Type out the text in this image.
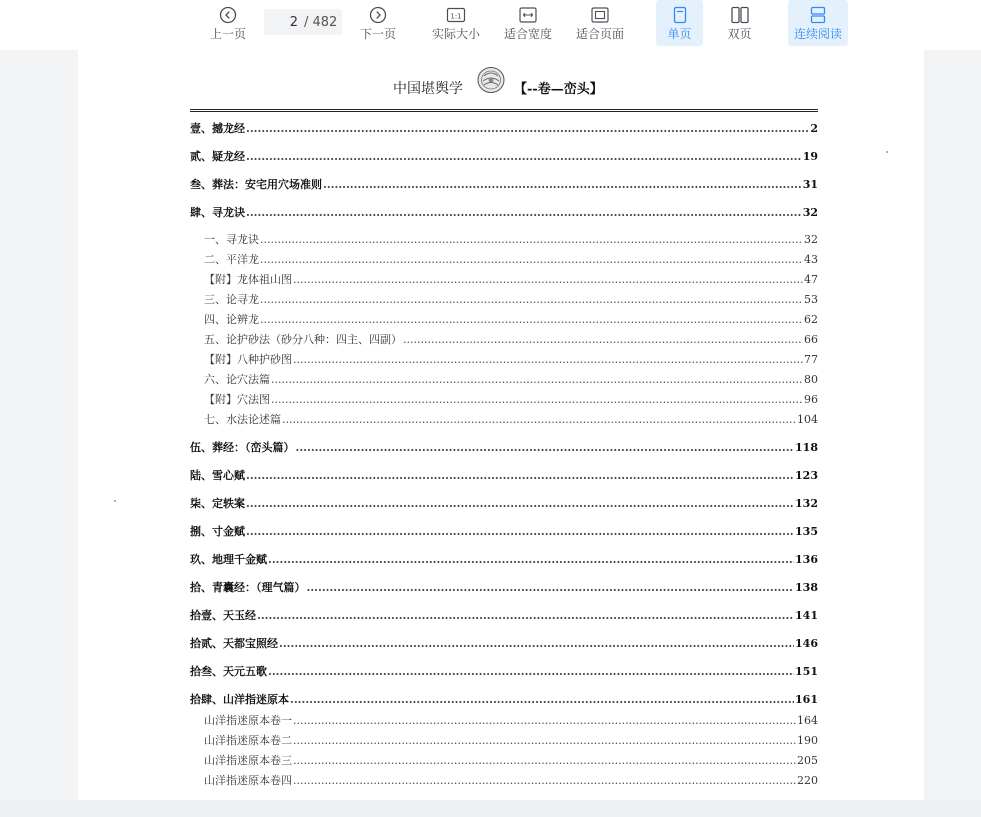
上一页
2
/ 482
下一页
1:1
实际大小 适合宽度 适合页面	单页	双页	连续阅读
中国堪舆学	【--卷—峦头】
壹、撼龙经 .....	2
贰、疑龙经 .....	19
叁、葬法：安宅用穴场准则 .....	31
肆、寻龙诀 .....	32
一、寻龙诀 .....	32
二、平洋龙 .....	43
【附】龙体祖山图 .....	47
三、论寻龙 .....	53
四、论辨龙 .....	62
五、论护砂法（砂分八种：四主、四副） .....	66
【附】八种护砂图 .....	77
六、论穴法篇 .....	80
【附】穴法图 .....	96
七、水法论述篇 .....	104
伍、葬经：（峦头篇） .....	118
陆、雪心赋 .....	123
柒、定轶案 .....	132
捌、寸金赋 .....	135
玖、地理千金赋 .....	136
拾、青囊经：（理气篇） .....	138
拾壹、天玉经 .....	141
拾贰、天都宝照经 .....	146
拾叁、天元五歌 .....	151
拾肆、山洋指迷原本 .....	161
山洋指迷原本卷一 .....	164
山洋指迷原本卷二 .....	190
山洋指迷原本卷三 .....	205
山洋指迷原本卷四 .....	220
